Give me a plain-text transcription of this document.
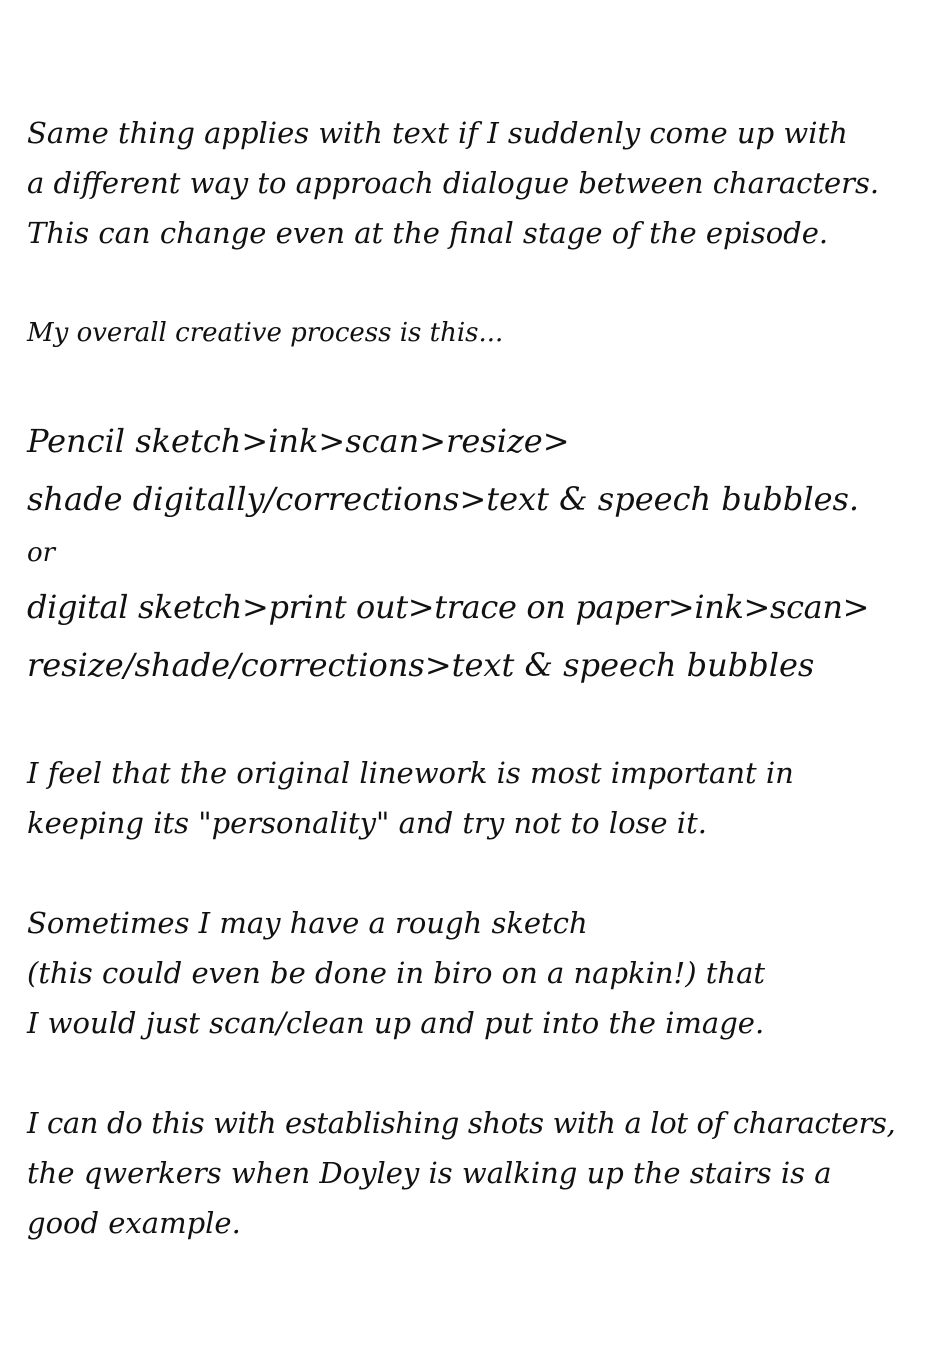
Same thing applies with text if I suddenly come up with
a different way to approach dialogue between characters.
This can change even at the final stage of the episode.
My overall creative process is this...
Pencil sketch>ink>scan>resize>
shade digitally/corrections>text & speech bubbles.
or
digital sketch>print out>trace on paper>ink>scan>
resize/shade/corrections>text & speech bubbles
I feel that the original linework is most important in
keeping its "personality" and try not to lose it.
Sometimes I may have a rough sketch
(this could even be done in biro on a napkin!) that
I would just scan/clean up and put into the image.
I can do this with establishing shots with a lot of characters,
the qwerkers when Doyley is walking up the stairs is a
good example.
